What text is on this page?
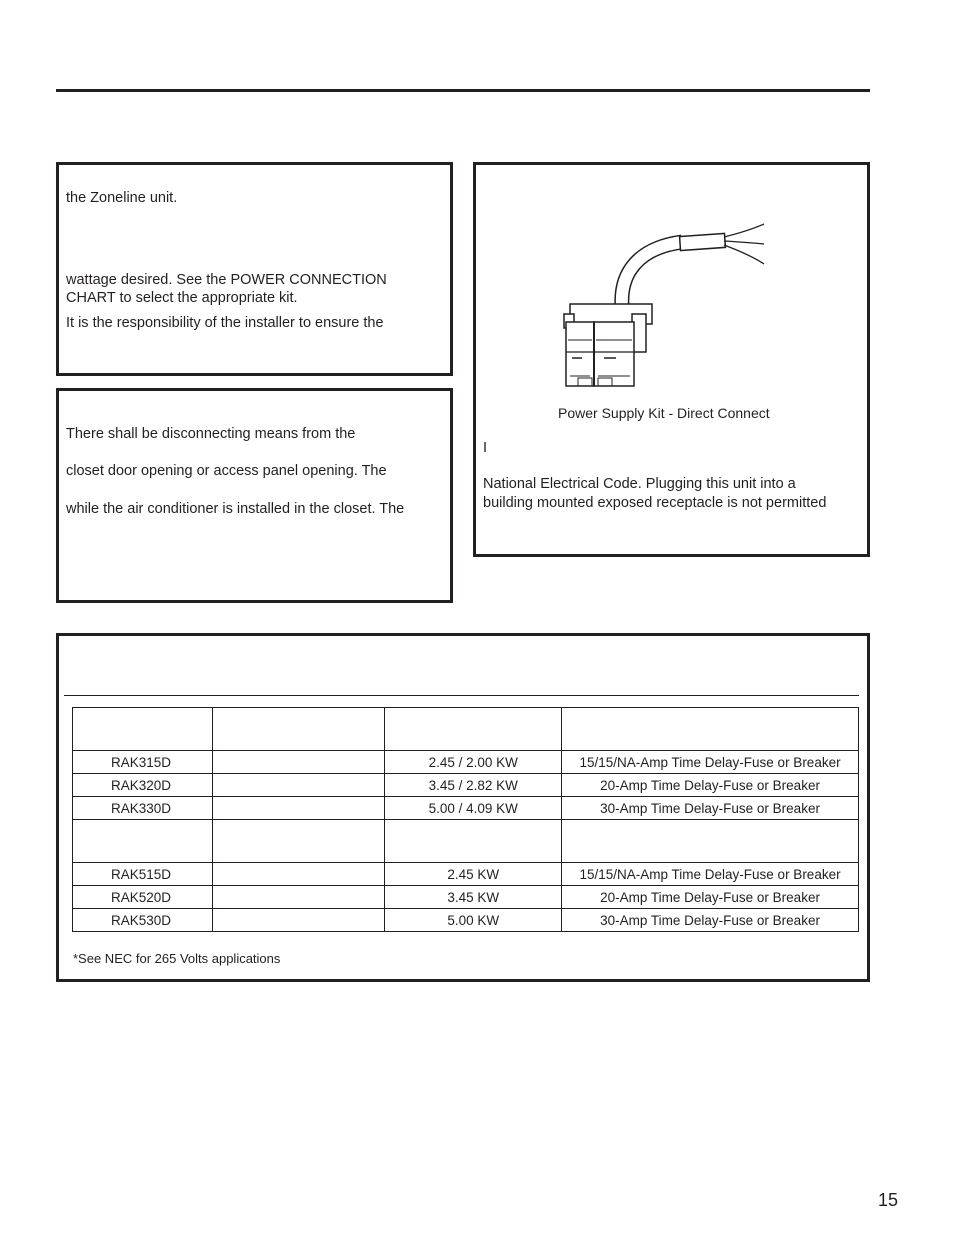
the Zoneline unit.
wattage desired. See the POWER CONNECTION
CHART to select the appropriate kit.
It is the responsibility of the installer to ensure the
There shall be disconnecting means from the
closet door opening or access panel opening. The
while the air conditioner is installed in the closet. The
Power Supply Kit - Direct Connect
I
National Electrical Code. Plugging this unit into a
building mounted exposed receptacle is not permitted

RAK315D		2.45 / 2.00 KW	15/15/NA-Amp Time Delay-Fuse or Breaker
RAK320D		3.45 / 2.82 KW	20-Amp Time Delay-Fuse or Breaker
RAK330D		5.00 / 4.09 KW	30-Amp Time Delay-Fuse or Breaker

RAK515D		2.45 KW	15/15/NA-Amp Time Delay-Fuse or Breaker
RAK520D		3.45 KW	20-Amp Time Delay-Fuse or Breaker
RAK530D		5.00 KW	30-Amp Time Delay-Fuse or Breaker
*See NEC for 265 Volts applications
15
